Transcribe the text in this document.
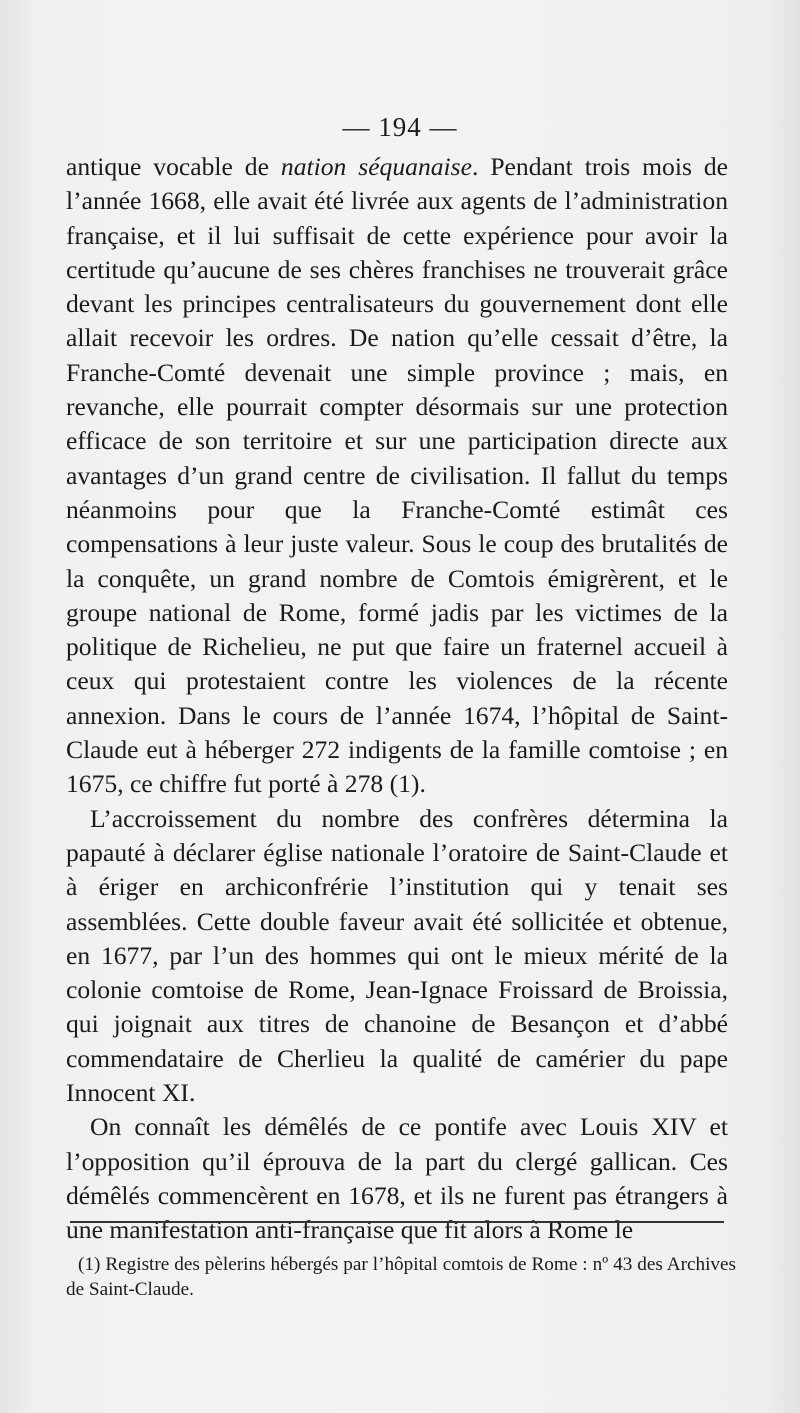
— 194 —

antique vocable de nation séquanaise. Pendant trois mois de l’année 1668, elle avait été livrée aux agents de l’administration française, et il lui suffisait de cette expérience pour avoir la certitude qu’aucune de ses chères franchises ne trouverait grâce devant les principes centralisateurs du gouvernement dont elle allait recevoir les ordres. De nation qu’elle cessait d’être, la Franche-Comté devenait une simple province ; mais, en revanche, elle pourrait compter désormais sur une protection efficace de son territoire et sur une participation directe aux avantages d’un grand centre de civilisation. Il fallut du temps néanmoins pour que la Franche-Comté estimât ces compensations à leur juste valeur. Sous le coup des brutalités de la conquête, un grand nombre de Comtois émigrèrent, et le groupe national de Rome, formé jadis par les victimes de la politique de Richelieu, ne put que faire un fraternel accueil à ceux qui protestaient contre les violences de la récente annexion. Dans le cours de l’année 1674, l’hôpital de Saint-Claude eut à héberger 272 indigents de la famille comtoise ; en 1675, ce chiffre fut porté à 278 (1).

L’accroissement du nombre des confrères détermina la papauté à déclarer église nationale l’oratoire de Saint-Claude et à ériger en archiconfrérie l’institution qui y tenait ses assemblées. Cette double faveur avait été sollicitée et obtenue, en 1677, par l’un des hommes qui ont le mieux mérité de la colonie comtoise de Rome, Jean-Ignace Froissard de Broissia, qui joignait aux titres de chanoine de Besançon et d’abbé commendataire de Cherlieu la qualité de camérier du pape Innocent XI.

On connaît les démêlés de ce pontife avec Louis XIV et l’opposition qu’il éprouva de la part du clergé gallican. Ces démêlés commencèrent en 1678, et ils ne furent pas étrangers à une manifestation anti-française que fit alors à Rome le

(1) Registre des pèlerins hébergés par l’hôpital comtois de Rome : nº 43 des Archives de Saint-Claude.
